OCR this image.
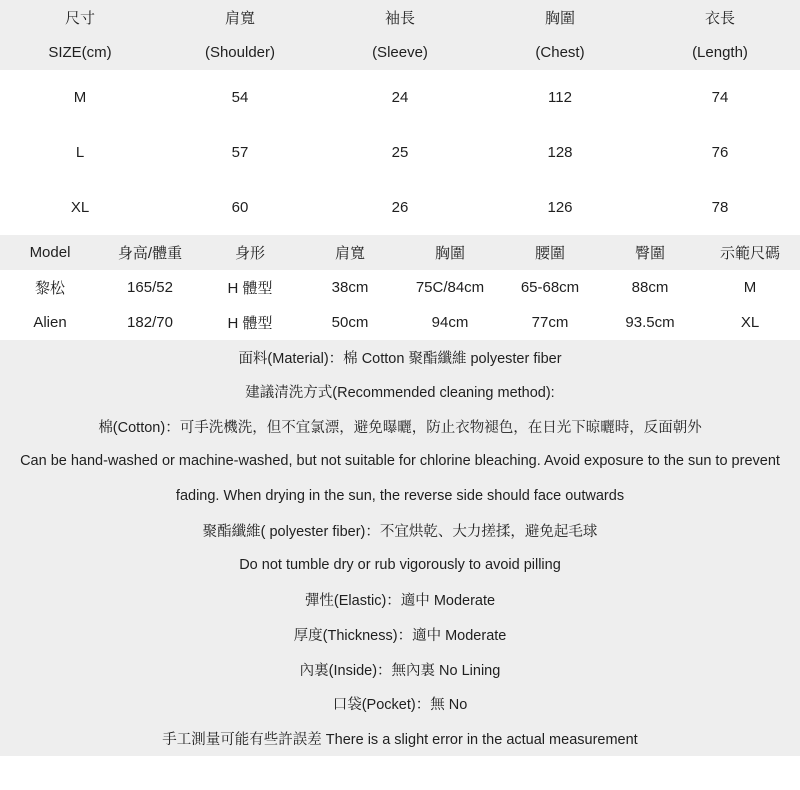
尺寸	肩寬	袖長	胸圍	衣長
SIZE(cm)	(Shoulder)	(Sleeve)	(Chest)	(Length)
M	54	24	112	74
L	57	25	128	76
XL	60	26	126	78
Model	身高/體重	身形	肩寬	胸圍	腰圍	臀圍	示範尺碼
黎松	165/52	H 體型	38cm	75C/84cm	65-68cm	88cm	M
Alien	182/70	H 體型	50cm	94cm	77cm	93.5cm	XL
面料(Material)：棉 Cotton 聚酯纖維 polyester fiber
建議清洗方式(Recommended cleaning method):
棉(Cotton)：可手洗機洗，但不宜氯漂，避免曝曬，防止衣物褪色，在日光下晾曬時，反面朝外
Can be hand-washed or machine-washed, but not suitable for chlorine bleaching. Avoid exposure to the sun to prevent
fading. When drying in the sun, the reverse side should face outwards
聚酯纖維( polyester fiber)：不宜烘乾、大力搓揉，避免起毛球
Do not tumble dry or rub vigorously to avoid pilling
彈性(Elastic)：適中 Moderate
厚度(Thickness)：適中 Moderate
內裏(Inside)：無內裏 No Lining
口袋(Pocket)：無 No
手工測量可能有些許誤差 There is a slight error in the actual measurement
